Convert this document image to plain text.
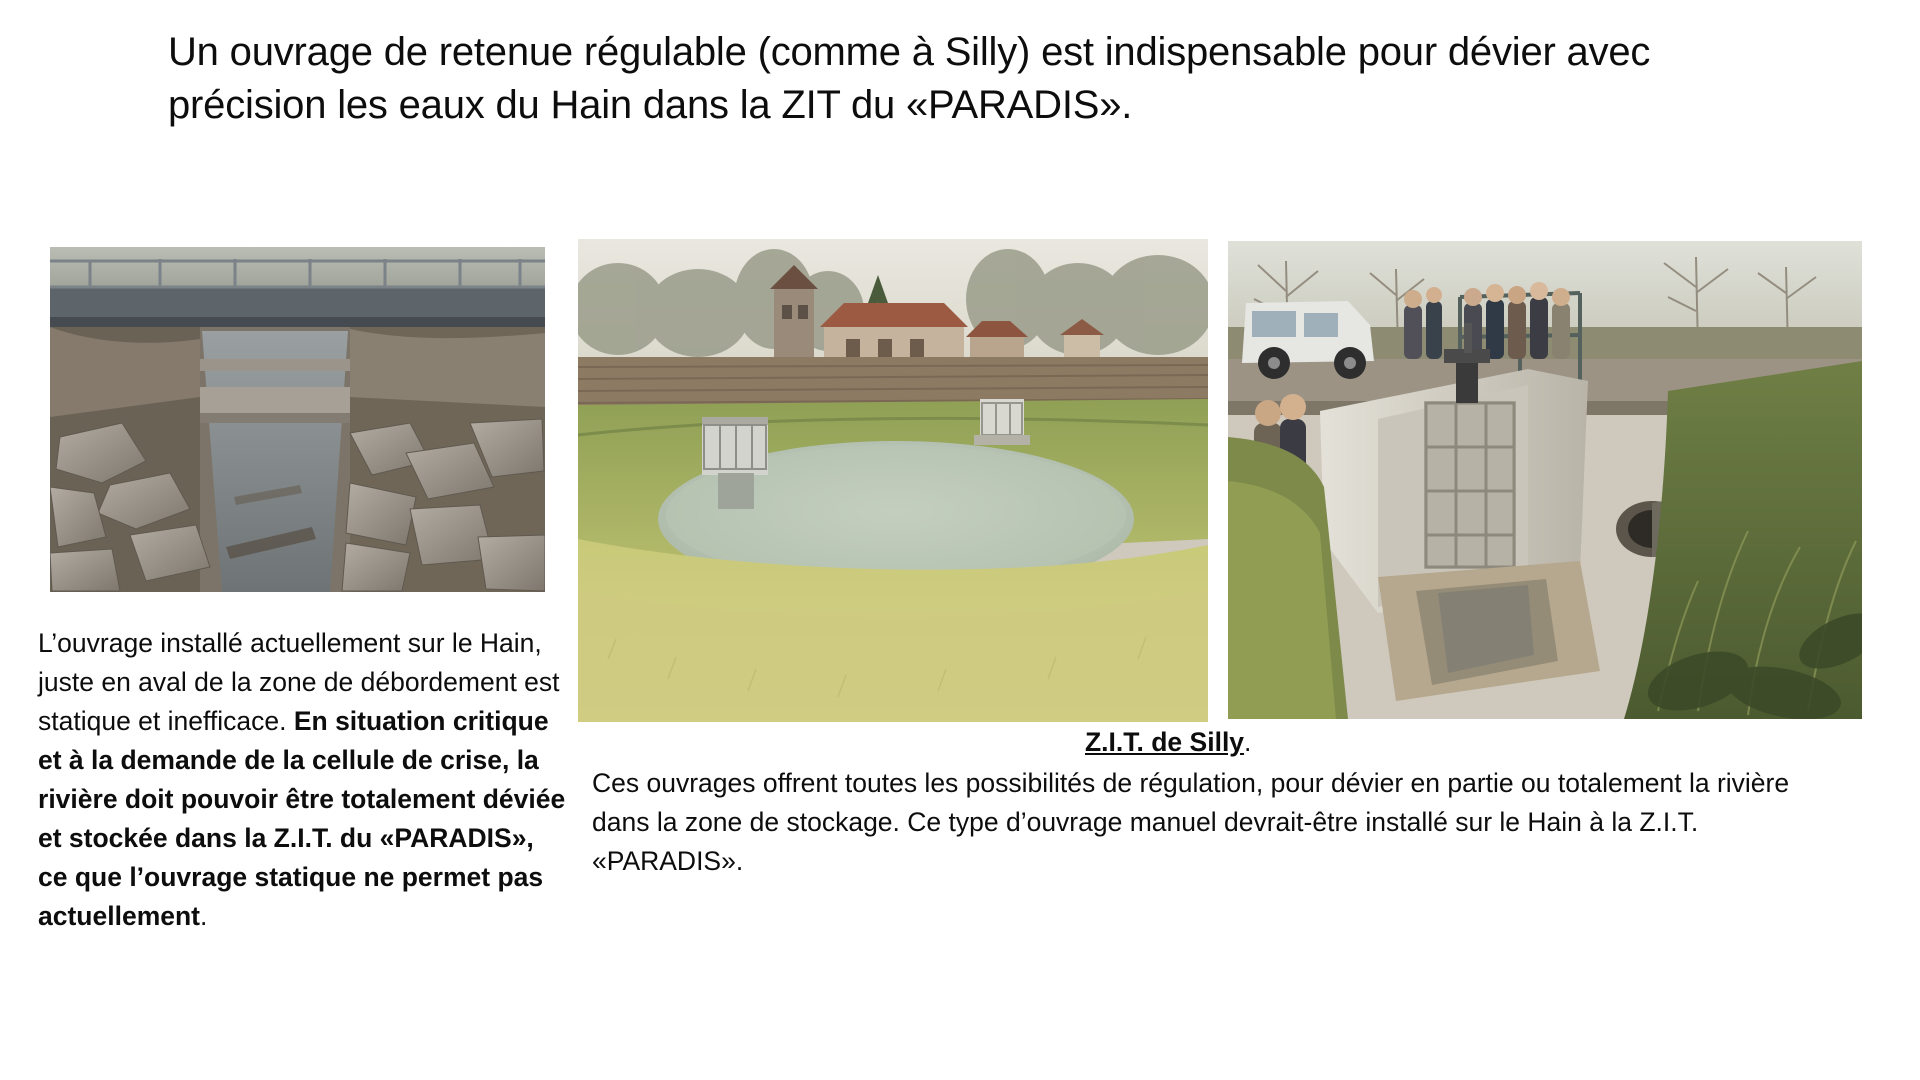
Un ouvrage de retenue régulable (comme à Silly) est indispensable pour dévier avec précision les eaux du Hain dans la ZIT du «PARADIS».
L’ouvrage installé actuellement sur le Hain, juste en aval de la zone de débordement est statique et inefficace. En situation critique et à la demande de la cellule de crise, la rivière doit pouvoir être totalement déviée et stockée dans la Z.I.T. du «PARADIS», ce que l’ouvrage statique ne permet pas actuellement.
Z.I.T. de Silly.
Ces ouvrages offrent toutes les possibilités de régulation, pour dévier en partie ou totalement la rivière dans la zone de stockage. Ce type d’ouvrage manuel devrait-être installé sur le Hain à la Z.I.T. «PARADIS».
